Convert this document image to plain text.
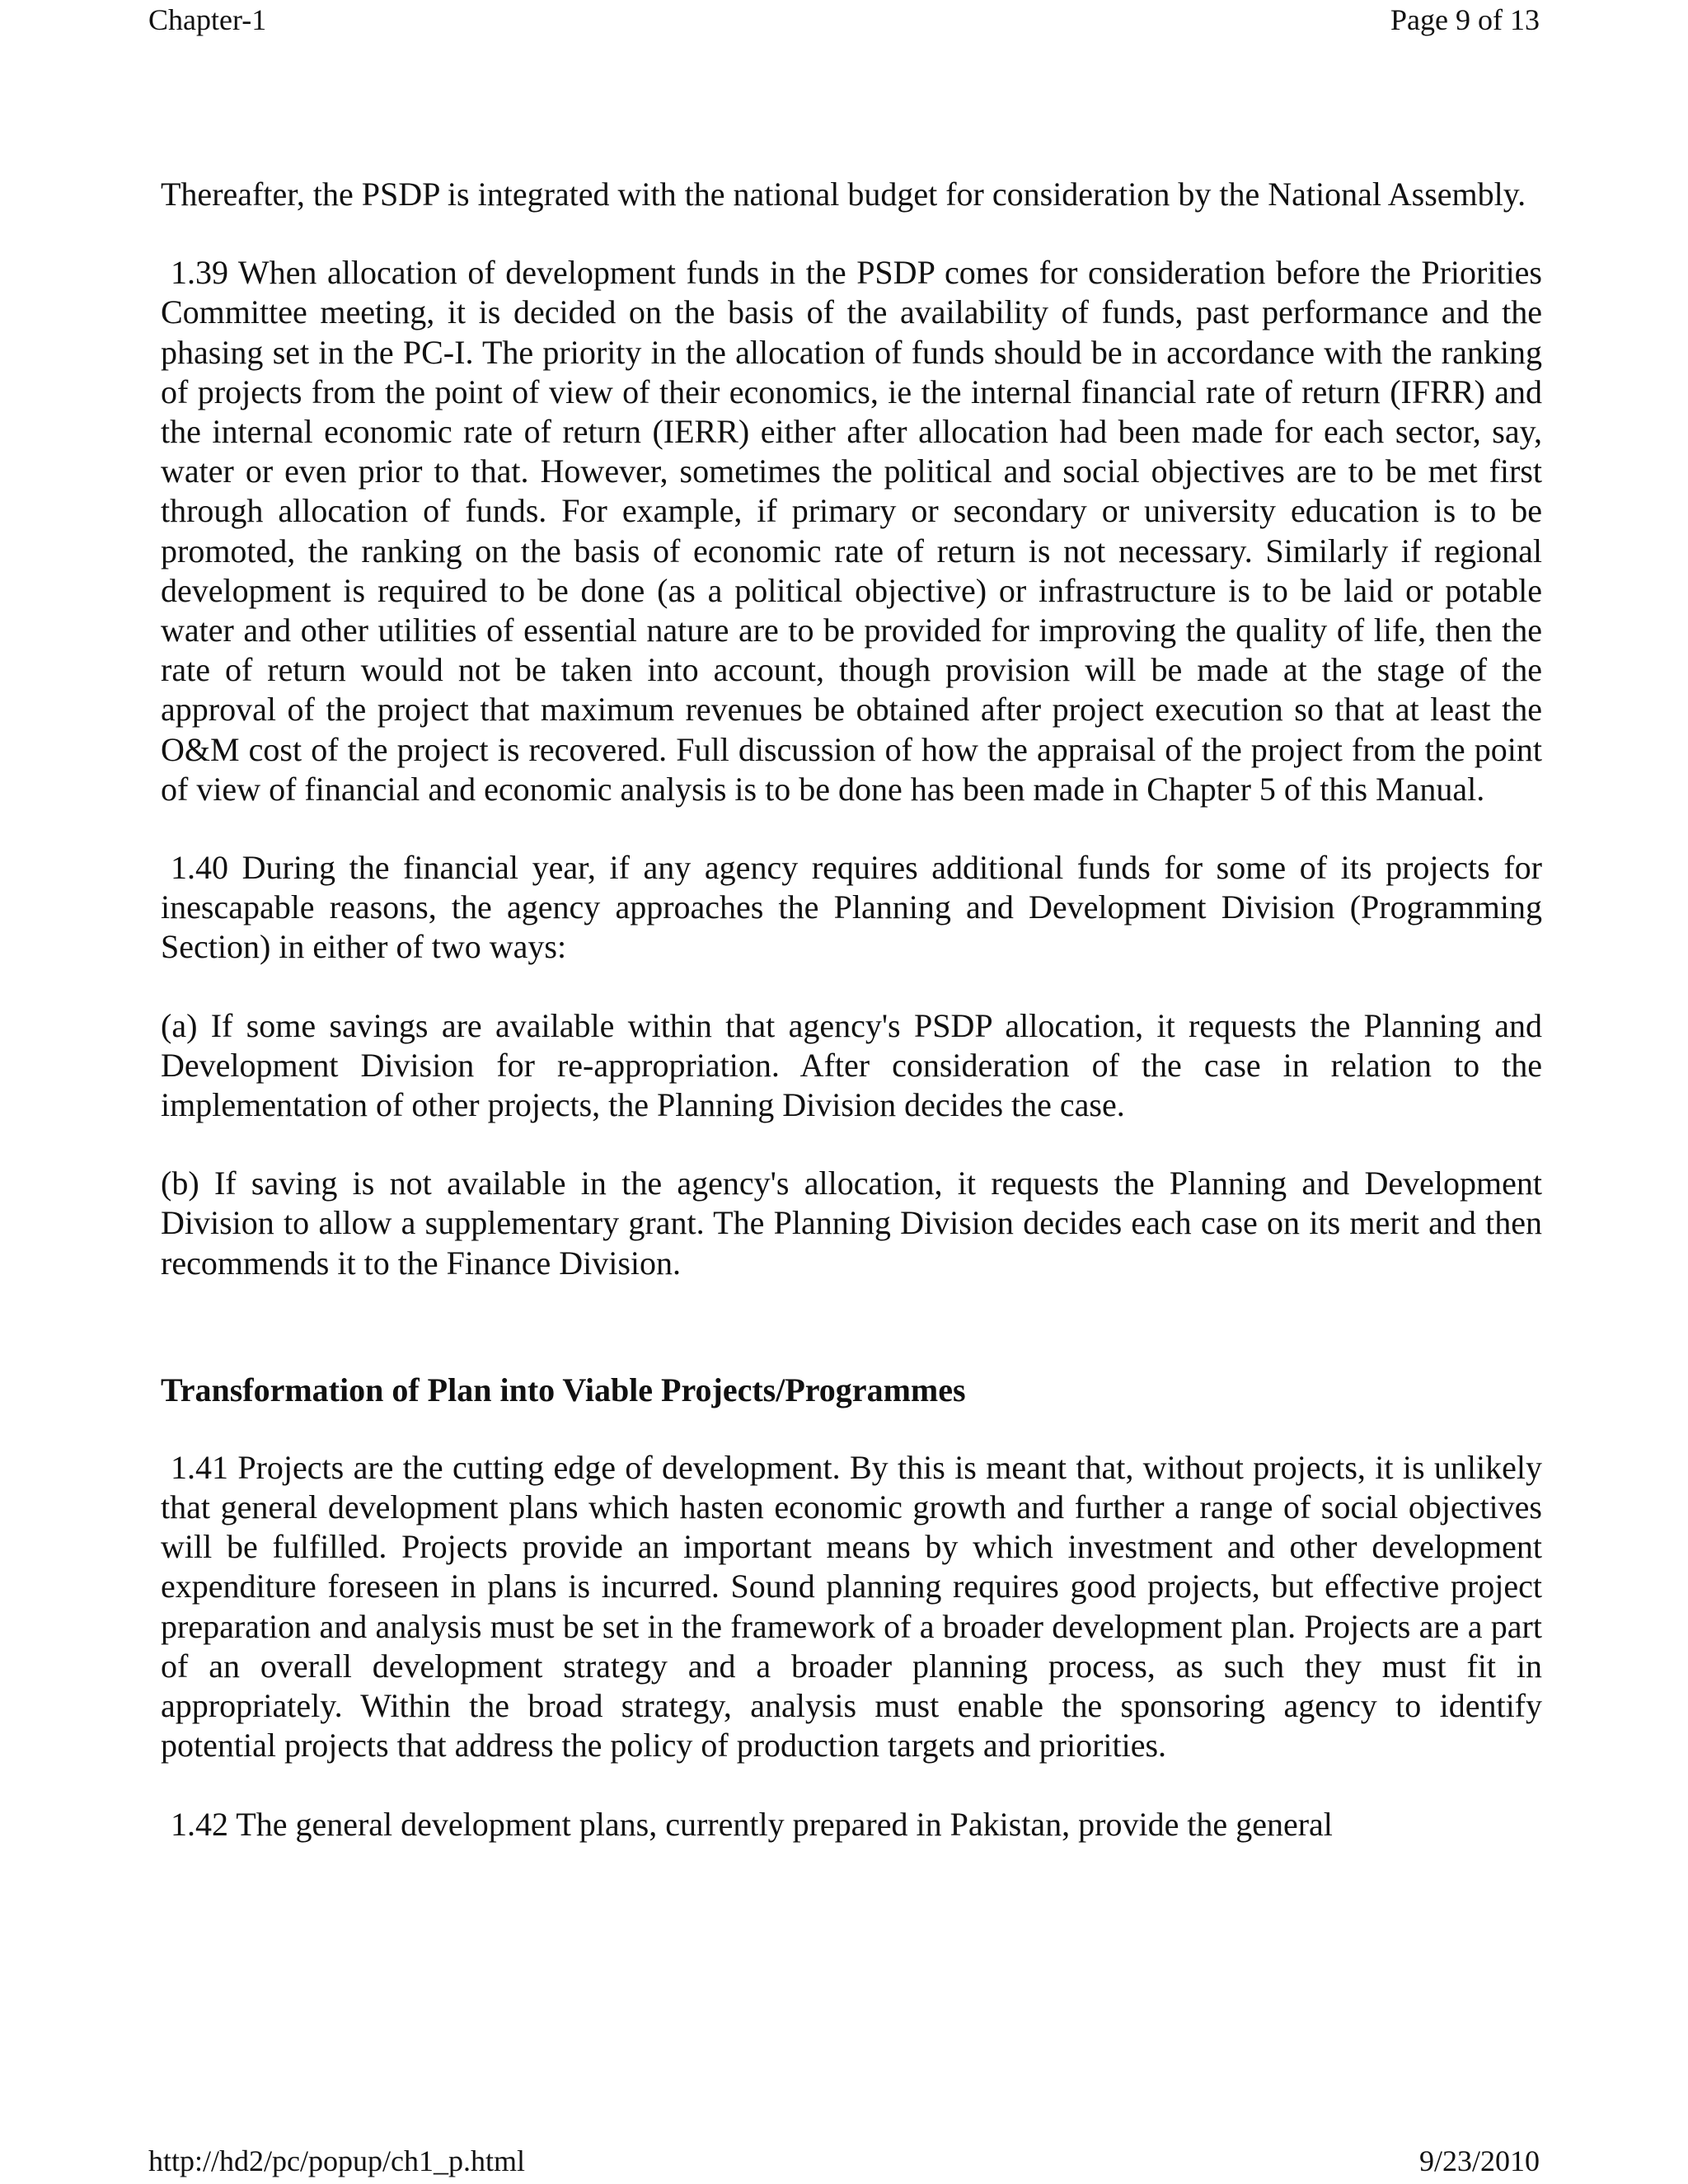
Chapter-1	Page 9 of 13

Thereafter, the PSDP is integrated with the national budget for consideration by the National Assembly.

1.39 When allocation of development funds in the PSDP comes for consideration before the Priorities Committee meeting, it is decided on the basis of the availability of funds, past performance and the phasing set in the PC-I. The priority in the allocation of funds should be in accordance with the ranking of projects from the point of view of their economics, ie the internal financial rate of return (IFRR) and the internal economic rate of return (IERR) either after allocation had been made for each sector, say, water or even prior to that. However, sometimes the political and social objectives are to be met first through allocation of funds. For example, if primary or secondary or university education is to be promoted, the ranking on the basis of economic rate of return is not necessary. Similarly if regional development is required to be done (as a political objective) or infrastructure is to be laid or potable water and other utilities of essential nature are to be provided for improving the quality of life, then the rate of return would not be taken into account, though provision will be made at the stage of the approval of the project that maximum revenues be obtained after project execution so that at least the O&M cost of the project is recovered. Full discussion of how the appraisal of the project from the point of view of financial and economic analysis is to be done has been made in Chapter 5 of this Manual.

1.40 During the financial year, if any agency requires additional funds for some of its projects for inescapable reasons, the agency approaches the Planning and Development Division (Programming Section) in either of two ways:

(a) If some savings are available within that agency's PSDP allocation, it requests the Planning and Development Division for re-appropriation. After consideration of the case in relation to the implementation of other projects, the Planning Division decides the case.

(b) If saving is not available in the agency's allocation, it requests the Planning and Development Division to allow a supplementary grant. The Planning Division decides each case on its merit and then recommends it to the Finance Division.

Transformation of Plan into Viable Projects/Programmes

1.41 Projects are the cutting edge of development. By this is meant that, without projects, it is unlikely that general development plans which hasten economic growth and further a range of social objectives will be fulfilled. Projects provide an important means by which investment and other development expenditure foreseen in plans is incurred. Sound planning requires good projects, but effective project preparation and analysis must be set in the framework of a broader development plan. Projects are a part of an overall development strategy and a broader planning process, as such they must fit in appropriately. Within the broad strategy, analysis must enable the sponsoring agency to identify potential projects that address the policy of production targets and priorities.

1.42 The general development plans, currently prepared in Pakistan, provide the general

http://hd2/pc/popup/ch1_p.html	9/23/2010
